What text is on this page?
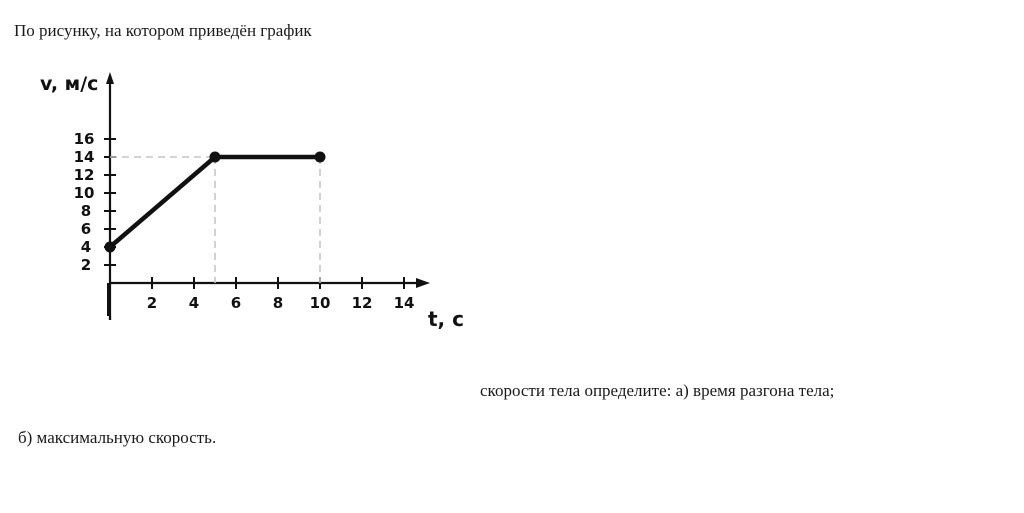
По рисунку, на котором приведён график
16
14
12
10
8
6
4
2
2 4 6 8 10 12 14
v, м/с
t, c
скорости тела определите: а) время разгона тела;
б) максимальную скорость.
